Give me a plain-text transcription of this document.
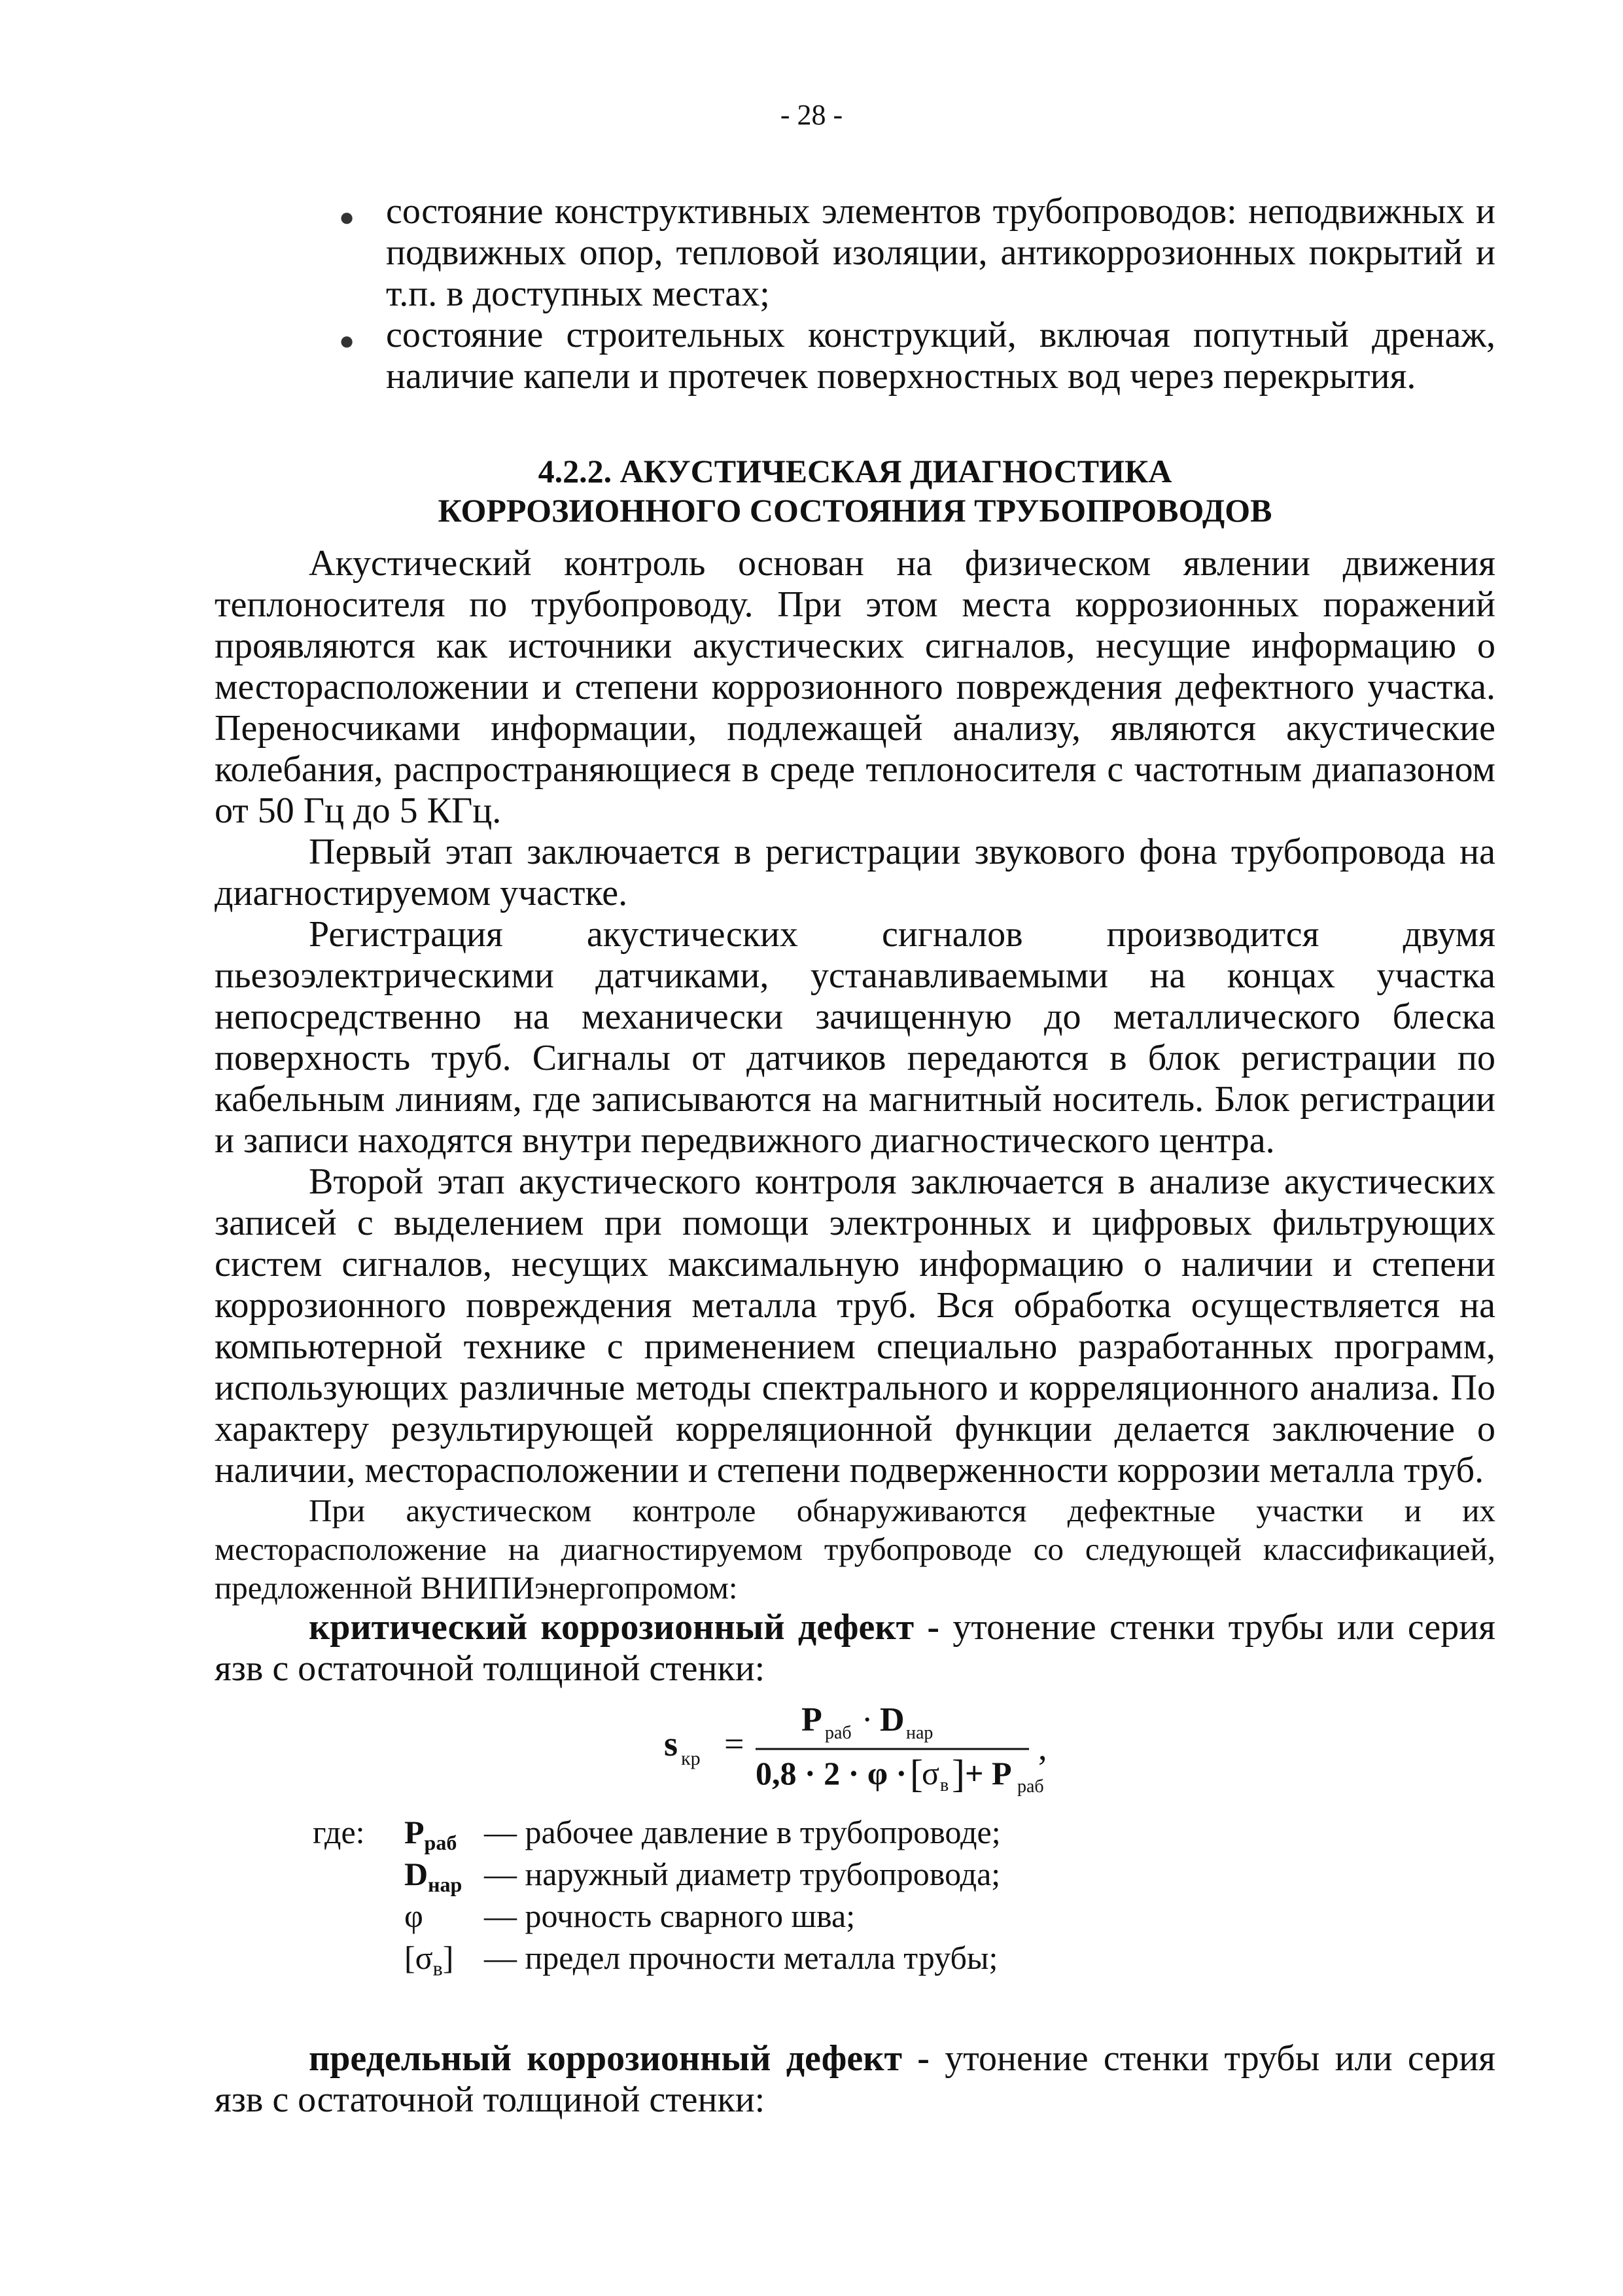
- 28 -
● состояние конструктивных элементов трубопроводов: неподвижных и подвижных опор, тепловой изоляции, антикоррозионных покрытий и т.п. в доступных местах;
● состояние строительных конструкций, включая попутный дренаж, наличие капели и протечек поверхностных вод через перекрытия.
4.2.2. АКУСТИЧЕСКАЯ ДИАГНОСТИКА
КОРРОЗИОННОГО СОСТОЯНИЯ ТРУБОПРОВОДОВ

Акустический контроль основан на физическом явлении движения теплоносителя по трубопроводу. При этом места коррозионных поражений проявляются как источники акустических сигналов, несущие информацию о месторасположении и степени коррозионного повреждения дефектного участка. Переносчиками информации, подлежащей анализу, являются акустические колебания, распространяющиеся в среде теплоносителя с частотным диапазоном от 50 Гц до 5 КГц.

Первый этап заключается в регистрации звукового фона трубопровода на диагностируемом участке.

Регистрация акустических сигналов производится двумя пьезоэлектрическими датчиками, устанавливаемыми на концах участка непосредственно на механически зачищенную до металлического блеска поверхность труб. Сигналы от датчиков передаются в блок регистрации по кабельным линиям, где записываются на магнитный носитель. Блок регистрации и записи находятся внутри передвижного диагностического центра.

Второй этап акустического контроля заключается в анализе акустических записей с выделением при помощи электронных и цифровых фильтрующих систем сигналов, несущих максимальную информацию о наличии и степени коррозионного повреждения металла труб. Вся обработка осуществляется на компьютерной технике с применением специально разработанных программ, использующих различные методы спектрального и корреляционного анализа. По характеру результирующей корреляционной функции делается заключение о наличии, месторасположении и степени подверженности коррозии металла труб.

При акустическом контроле обнаруживаются дефектные участки и их месторасположение на диагностируемом трубопроводе со следующей классификацией, предложенной ВНИПИэнергопромом:

критический коррозионный дефект - утонение стенки трубы или серия язв с остаточной толщиной стенки:

s кр =
P раб · D нар
0,8 · 2 · φ · [
σ в ] + P раб
,
где: $P_{раб}$ — рабочее давление в трубопроводе;
$D_{нар}$ — наружный диаметр трубопровода;
φ — рочность сварного шва;
$[\sigma_в]$ — предел прочности металла трубы;

предельный коррозионный дефект - утонение стенки трубы или серия язв с остаточной толщиной стенки:
